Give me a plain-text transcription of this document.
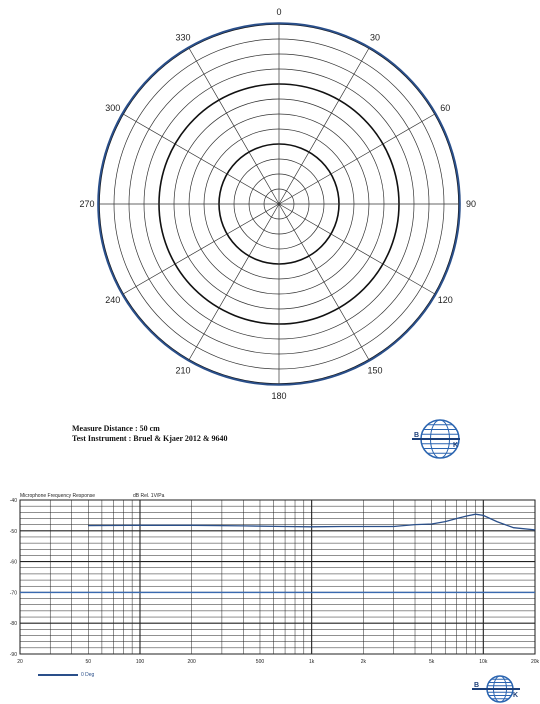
0
30
60
90
120
150
180
210
240
270
300
330
Measure Distance : 50 cm
Test Instrument : Bruel & Kjaer 2012 & 9640	B
K
-40
-50
-60
-70
-80
-90
20	50	100	200	500	1k	2k	5k	10k	20k
Microphone Frequency Response	dB Rel. 1V/Pa
0 Deg
B
K
